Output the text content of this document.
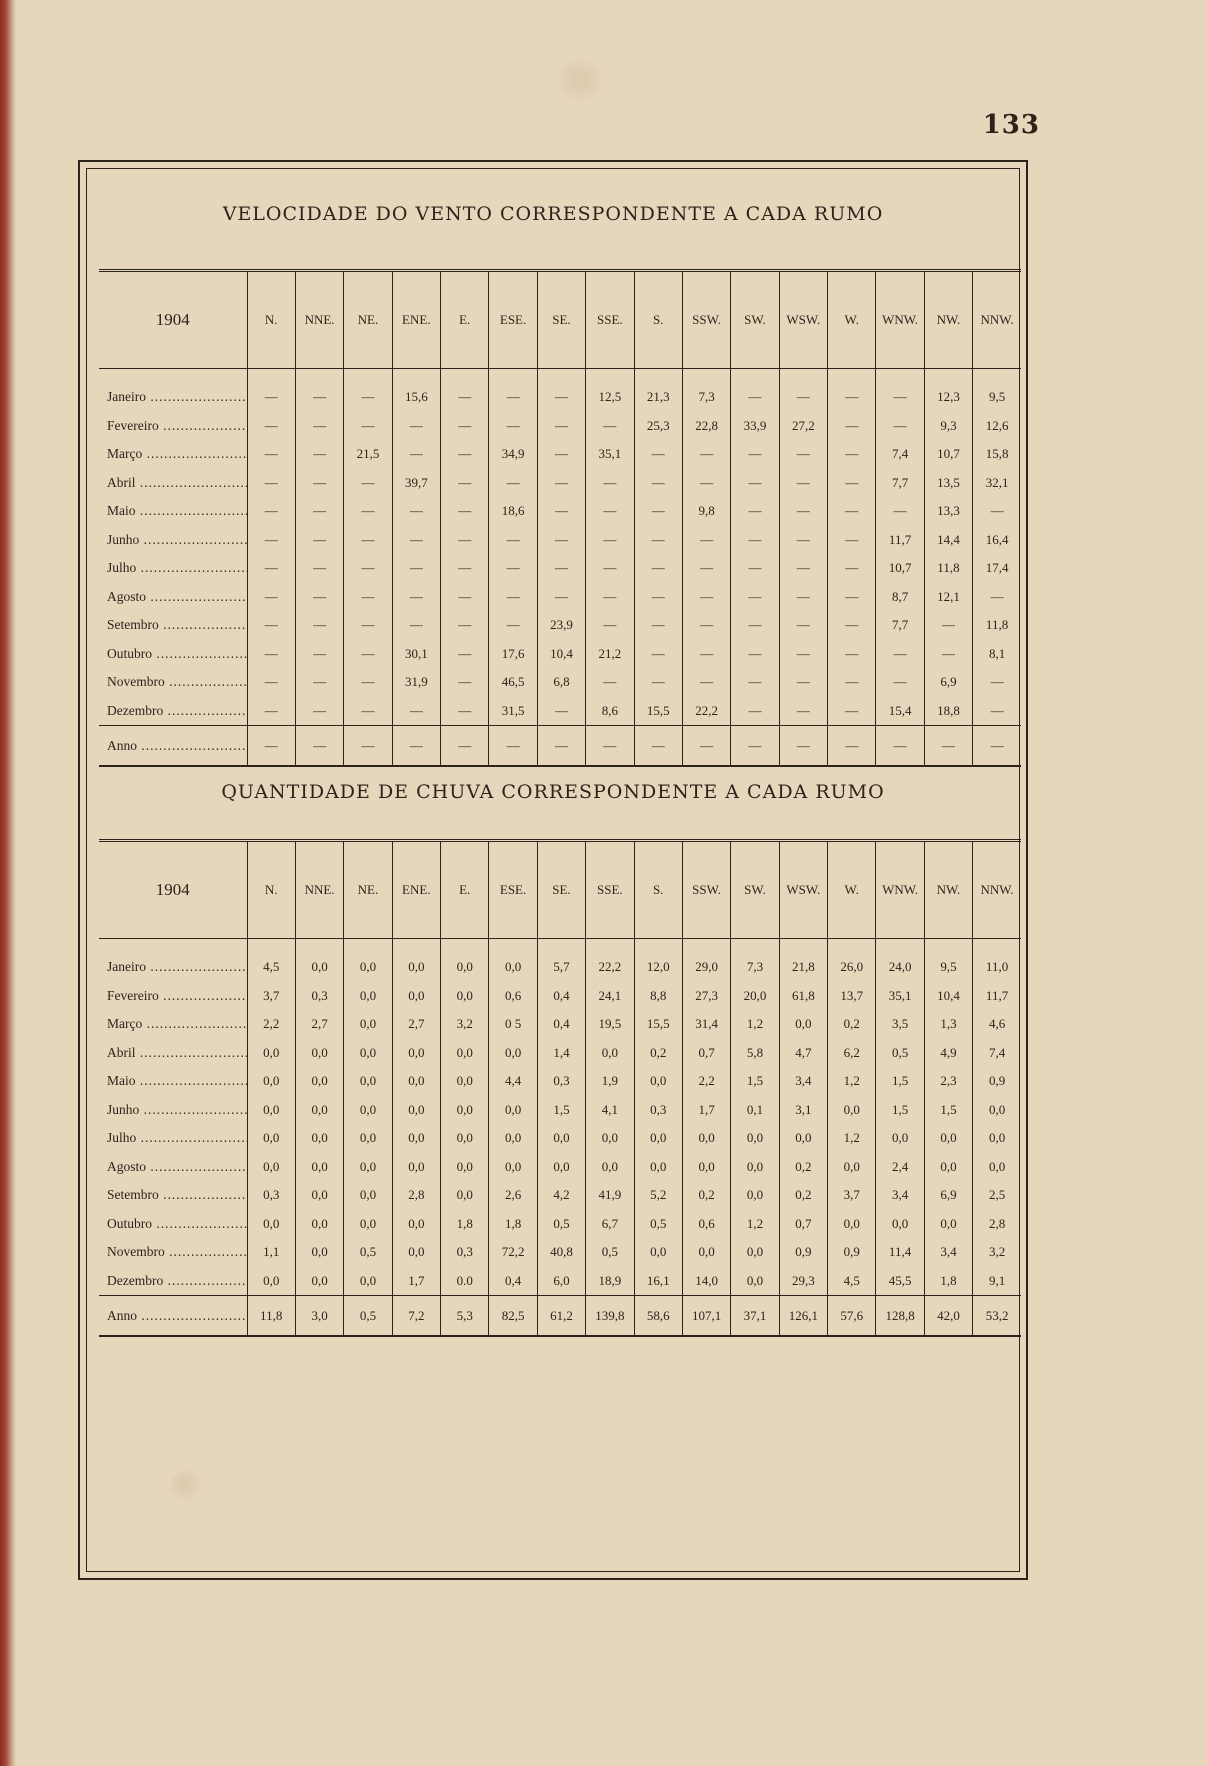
133
VELOCIDADE DO VENTO CORRESPONDENTE A CADA RUMO
1904	N.	NNE.	NE.	ENE.	E.	ESE.	SE.	SSE.	S.	SSW.	SW.	WSW.	W.	WNW.	NW.	NNW.
Janeiro .....	—	—	—	15,6	—	—	—	12,5	21,3	7,3	—	—	—	—	12,3	9,5
Fevereiro .....	—	—	—	—	—	—	—	—	25,3	22,8	33,9	27,2	—	—	9,3	12,6
Março .....	—	—	21,5	—	—	34,9	—	35,1	—	—	—	—	—	7,4	10,7	15,8
Abril .....	—	—	—	39,7	—	—	—	—	—	—	—	—	—	7,7	13,5	32,1
Maio .....	—	—	—	—	—	18,6	—	—	—	9,8	—	—	—	—	13,3	—
Junho .....	—	—	—	—	—	—	—	—	—	—	—	—	—	11,7	14,4	16,4
Julho .....	—	—	—	—	—	—	—	—	—	—	—	—	—	10,7	11,8	17,4
Agosto .....	—	—	—	—	—	—	—	—	—	—	—	—	—	8,7	12,1	—
Setembro .....	—	—	—	—	—	—	23,9	—	—	—	—	—	—	7,7	—	11,8
Outubro .....	—	—	—	30,1	—	17,6	10,4	21,2	—	—	—	—	—	—	—	8,1
Novembro .....	—	—	—	31,9	—	46,5	6,8	—	—	—	—	—	—	—	6,9	—
Dezembro .....	—	—	—	—	—	31,5	—	8,6	15,5	22,2	—	—	—	15,4	18,8	—
Anno .....	—	—	—	—	—	—	—	—	—	—	—	—	—	—	—	—

QUANTIDADE DE CHUVA CORRESPONDENTE A CADA RUMO
1904	N.	NNE.	NE.	ENE.	E.	ESE.	SE.	SSE.	S.	SSW.	SW.	WSW.	W.	WNW.	NW.	NNW.
Janeiro .....	4,5	0,0	0,0	0,0	0,0	0,0	5,7	22,2	12,0	29,0	7,3	21,8	26,0	24,0	9,5	11,0
Fevereiro .....	3,7	0,3	0,0	0,0	0,0	0,6	0,4	24,1	8,8	27,3	20,0	61,8	13,7	35,1	10,4	11,7
Março .....	2,2	2,7	0,0	2,7	3,2	0 5	0,4	19,5	15,5	31,4	1,2	0,0	0,2	3,5	1,3	4,6
Abril .....	0,0	0,0	0,0	0,0	0,0	0,0	1,4	0,0	0,2	0,7	5,8	4,7	6,2	0,5	4,9	7,4
Maio .....	0,0	0,0	0,0	0,0	0,0	4,4	0,3	1,9	0,0	2,2	1,5	3,4	1,2	1,5	2,3	0,9
Junho .....	0,0	0,0	0,0	0,0	0,0	0,0	1,5	4,1	0,3	1,7	0,1	3,1	0,0	1,5	1,5	0,0
Julho .....	0,0	0,0	0,0	0,0	0,0	0,0	0,0	0,0	0,0	0,0	0,0	0,0	1,2	0,0	0,0	0,0
Agosto .....	0,0	0,0	0,0	0,0	0,0	0,0	0,0	0,0	0,0	0,0	0,0	0,2	0,0	2,4	0,0	0,0
Setembro .....	0,3	0,0	0,0	2,8	0,0	2,6	4,2	41,9	5,2	0,2	0,0	0,2	3,7	3,4	6,9	2,5
Outubro .....	0,0	0,0	0,0	0,0	1,8	1,8	0,5	6,7	0,5	0,6	1,2	0,7	0,0	0,0	0,0	2,8
Novembro .....	1,1	0,0	0,5	0,0	0,3	72,2	40,8	0,5	0,0	0,0	0,0	0,9	0,9	11,4	3,4	3,2
Dezembro .....	0,0	0,0	0,0	1,7	0.0	0,4	6,0	18,9	16,1	14,0	0,0	29,3	4,5	45,5	1,8	9,1
Anno .....	11,8	3,0	0,5	7,2	5,3	82,5	61,2	139,8	58,6	107,1	37,1	126,1	57,6	128,8	42,0	53,2
